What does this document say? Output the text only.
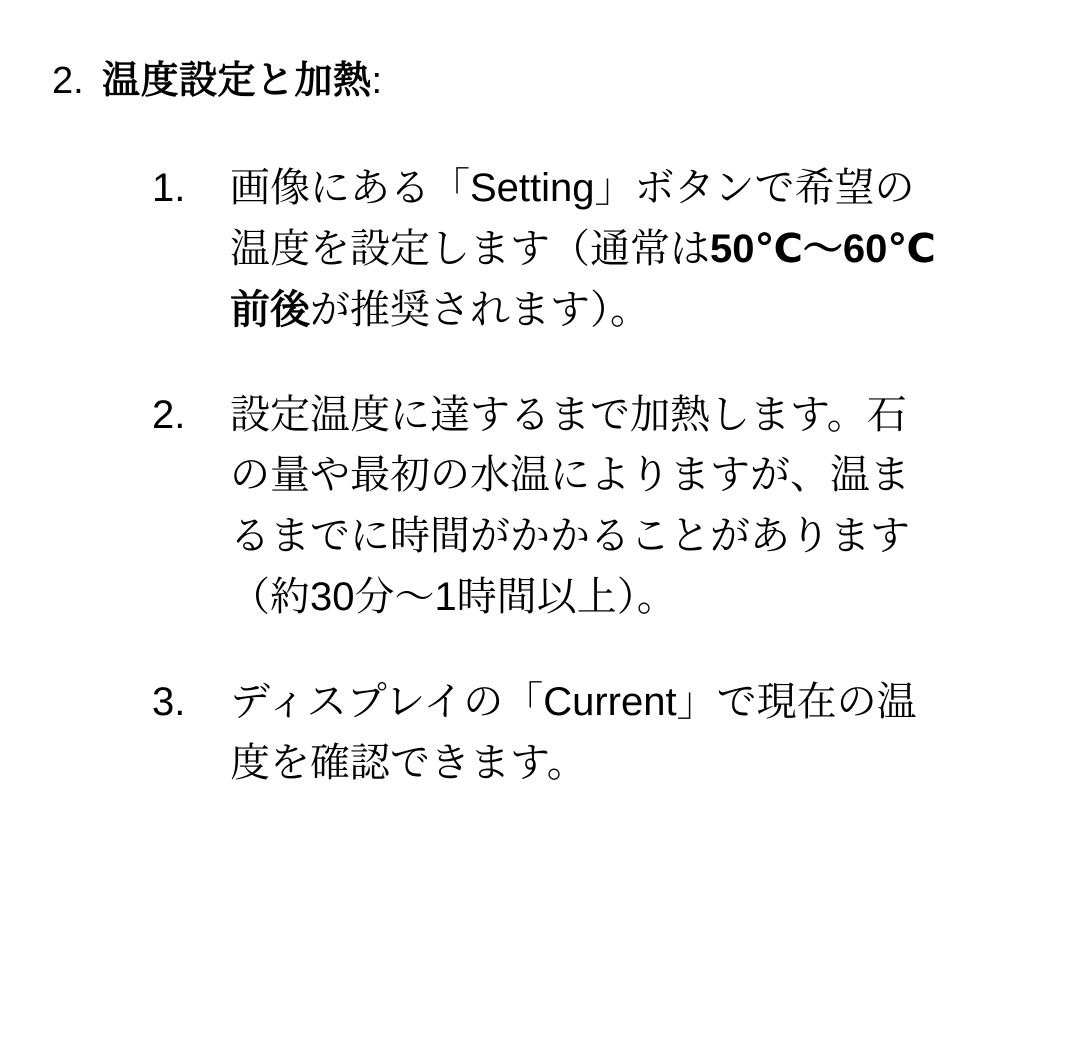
2. 温度設定と加熱:
1.	画像にある「Setting」ボタンで希望の温度を設定します（通常は50℃〜60℃前後が推奨されます）。
2.	設定温度に達するまで加熱します。石の量や最初の水温によりますが、温まるまでに時間がかかることがあります（約30分〜1時間以上）。
3.	ディスプレイの「Current」で現在の温度を確認できます。
